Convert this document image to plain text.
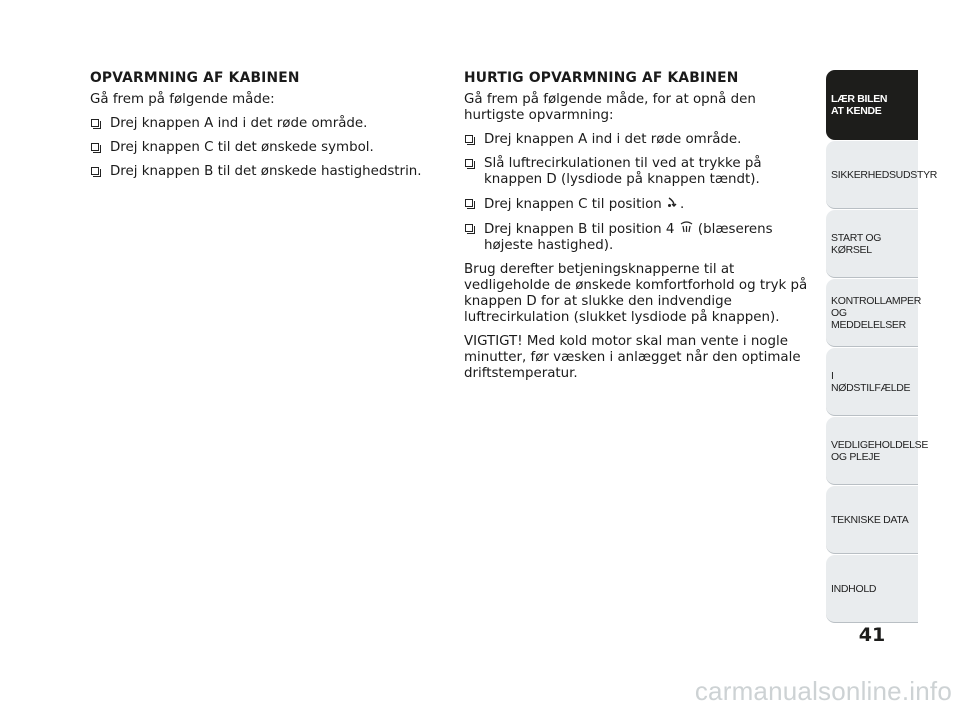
OPVARMNING AF KABINEN
Gå frem på følgende måde:
Drej knappen A ind i det røde område.
Drej knappen C til det ønskede symbol.
Drej knappen B til det ønskede hastighedstrin.
HURTIG OPVARMNING AF KABINEN
Gå frem på følgende måde, for at opnå den hurtigste opvarmning:
Drej knappen A ind i det røde område.
Slå luftrecirkulationen til ved at trykke på knappen D (lysdiode på knappen tændt).
Drej knappen C til position .
Drej knappen B til position 4 (blæserens højeste hastighed).
Brug derefter betjeningsknapperne til at vedligeholde de ønskede komfortforhold og tryk på knappen D for at slukke den indvendige luftrecirkulation (slukket lysdiode på knappen).
VIGTIGT! Med kold motor skal man vente i nogle minutter, før væsken i anlægget når den optimale driftstemperatur.
LÆR BILEN
AT KENDE
SIKKERHEDSUDSTYR
START OG KØRSEL
KONTROLLAMPER
OG MEDDELELSER
I NØDSTILFÆLDE
VEDLIGEHOLDELSE
OG PLEJE
TEKNISKE DATA
INDHOLD
41
carmanualsonline.info
